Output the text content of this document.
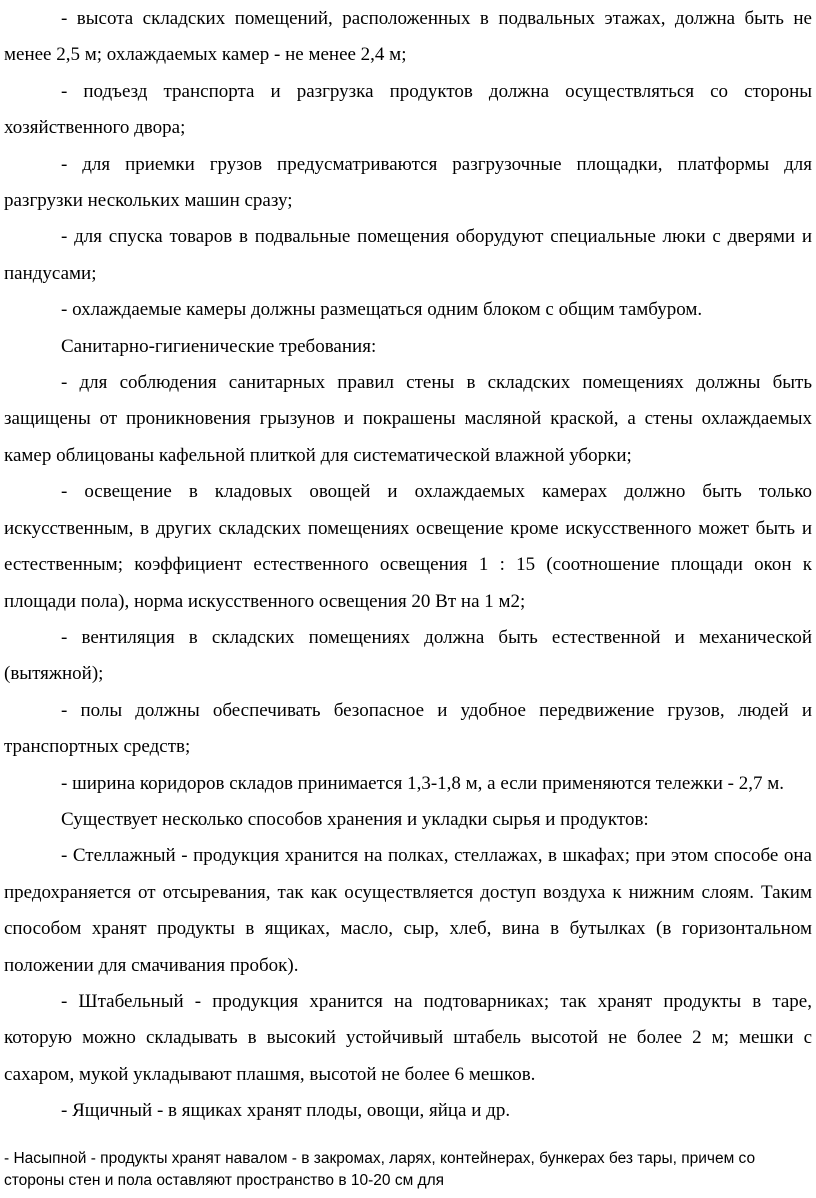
- высота складских помещений, расположенных в подвальных этажах, должна быть не менее 2,5 м; охлаждаемых камер - не менее 2,4 м;

- подъезд транспорта и разгрузка продуктов должна осуществляться со стороны хозяйственного двора;

- для приемки грузов предусматриваются разгрузочные площадки, платформы для разгрузки нескольких машин сразу;

- для спуска товаров в подвальные помещения оборудуют специальные люки с дверями и пандусами;

- охлаждаемые камеры должны размещаться одним блоком с общим тамбуром.

Санитарно-гигиенические требования:

- для соблюдения санитарных правил стены в складских помещениях должны быть защищены от проникновения грызунов и покрашены масляной краской, а стены охлаждаемых камер облицованы кафельной плиткой для систематической влажной уборки;

- освещение в кладовых овощей и охлаждаемых камерах должно быть только искусственным, в других складских помещениях освещение кроме искусственного может быть и естественным; коэффициент естественного освещения 1 : 15 (соотношение площади окон к площади пола), норма искусственного освещения 20 Вт на 1 м2;

- вентиляция в складских помещениях должна быть естественной и механической (вытяжной);

- полы должны обеспечивать безопасное и удобное передвижение грузов, людей и транспортных средств;

- ширина коридоров складов принимается 1,3-1,8 м, а если применяются тележки - 2,7 м.

Существует несколько способов хранения и укладки сырья и продуктов:

- Стеллажный - продукция хранится на полках, стеллажах, в шкафах; при этом способе она предохраняется от отсыревания, так как осуществляется доступ воздуха к нижним слоям. Таким способом хранят продукты в ящиках, масло, сыр, хлеб, вина в бутылках (в горизонтальном положении для смачивания пробок).

- Штабельный - продукция хранится на подтоварниках; так хранят продукты в таре, которую можно складывать в высокий устойчивый штабель высотой не более 2 м; мешки с сахаром, мукой укладывают плашмя, высотой не более 6 мешков.

- Ящичный - в ящиках хранят плоды, овощи, яйца и др.

- Насыпной - продукты хранят навалом - в закромах, ларях, контейнерах, бункерах без тары, причем со стороны стен и пола оставляют пространство в 10-20 см для
